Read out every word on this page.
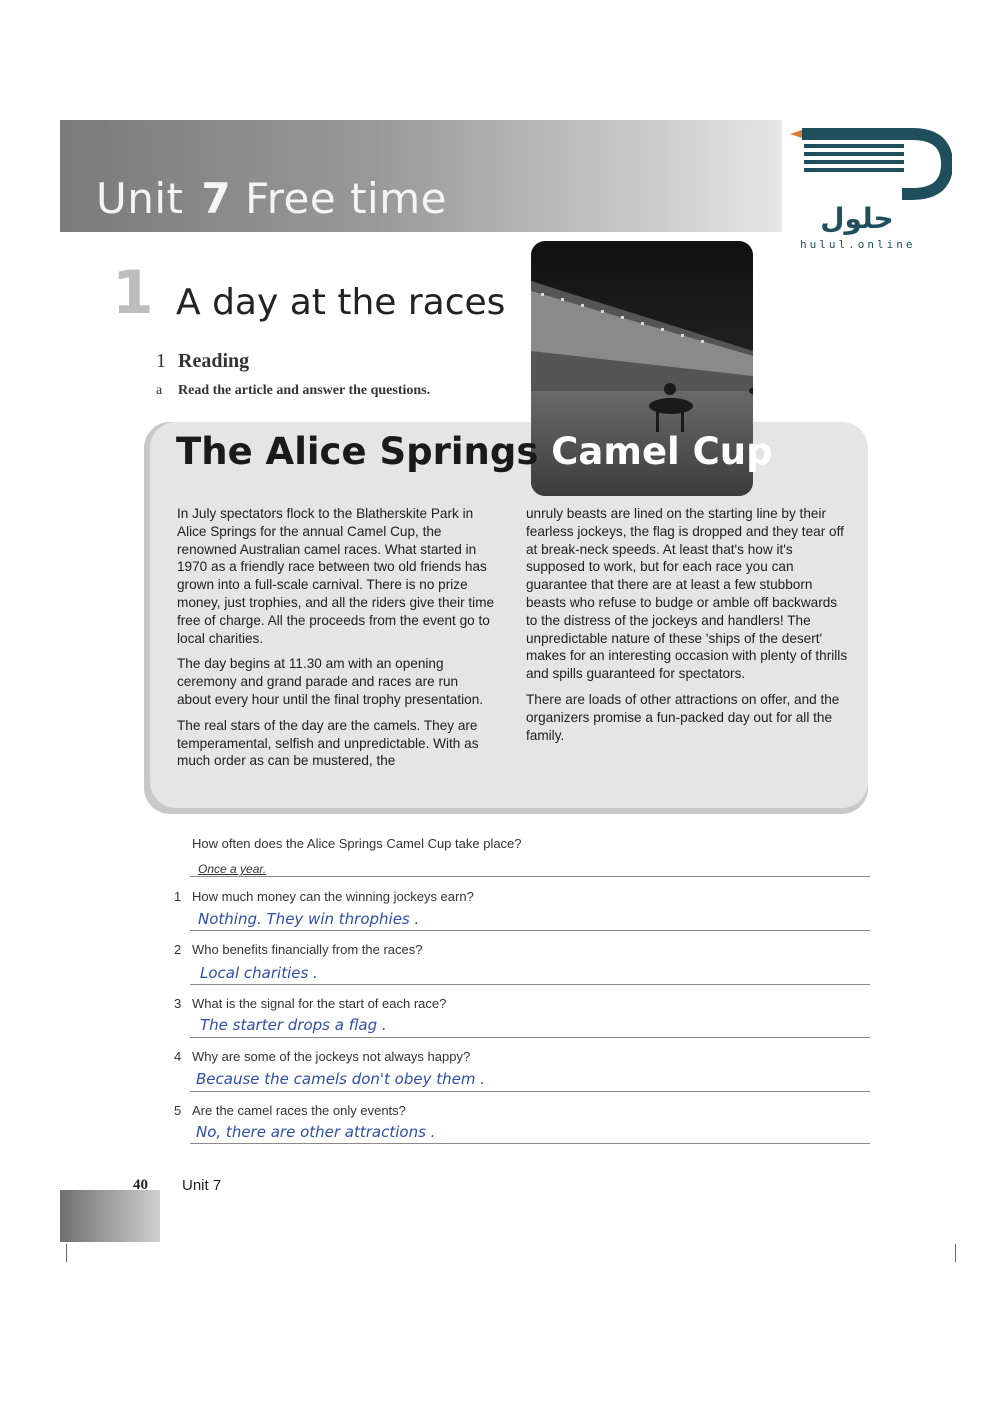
Unit 7 Free time	حلول
hulul.online
1 A day at the races
1 Reading
a Read the article and answer the questions.
The Alice Springs Camel Cup

In July spectators flock to the Blatherskite Park in Alice Springs for the annual Camel Cup, the renowned Australian camel races. What started in 1970 as a friendly race between two old friends has grown into a full-scale carnival. There is no prize money, just trophies, and all the riders give their time free of charge. All the proceeds from the event go to local charities.

The day begins at 11.30 am with an opening ceremony and grand parade and races are run about every hour until the final trophy presentation.

The real stars of the day are the camels. They are temperamental, selfish and unpredictable. With as much order as can be mustered, the

unruly beasts are lined on the starting line by their fearless jockeys, the flag is dropped and they tear off at break-neck speeds. At least that's how it's supposed to work, but for each race you can guarantee that there are at least a few stubborn beasts who refuse to budge or amble off backwards to the distress of the jockeys and handlers! The unpredictable nature of these 'ships of the desert' makes for an interesting occasion with plenty of thrills and spills guaranteed for spectators.

There are loads of other attractions on offer, and the organizers promise a fun-packed day out for all the family.

How often does the Alice Springs Camel Cup take place?
Once a year.
1 How much money can the winning jockeys earn?
Nothing. They win throphies .
2 Who benefits financially from the races?
Local charities .
3 What is the signal for the start of each race?
The starter drops a flag .
4 Why are some of the jockeys not always happy?
Because the camels don't obey them .
5 Are the camel races the only events?
No, there are other attractions .
40 Unit 7
